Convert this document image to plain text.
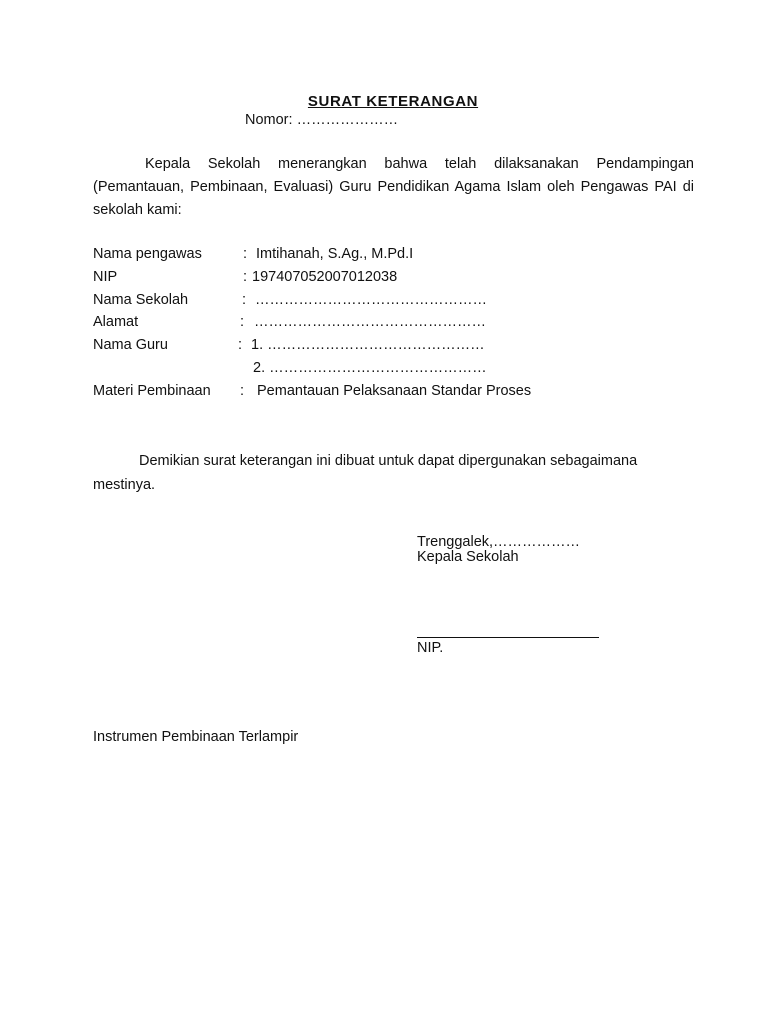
SURAT KETERANGAN
Nomor: …………………
Kepala Sekolah menerangkan bahwa telah dilaksanakan Pendampingan (Pemantauan, Pembinaan, Evaluasi) Guru Pendidikan Agama Islam oleh Pengawas PAI di sekolah kami:
Nama pengawas	: Imtihanah, S.Ag., M.Pd.I
NIP	: 197407052007012038
Nama Sekolah	: …………………………………………
Alamat	: …………………………………………
Nama Guru	: 1. ………………………………………
2. ………………………………………
Materi Pembinaan : Pemantauan Pelaksanaan Standar Proses
Demikian surat keterangan ini dibuat untuk dapat dipergunakan sebagaimana mestinya.
Trenggalek,………………
Kepala Sekolah
NIP.
Instrumen Pembinaan Terlampir
